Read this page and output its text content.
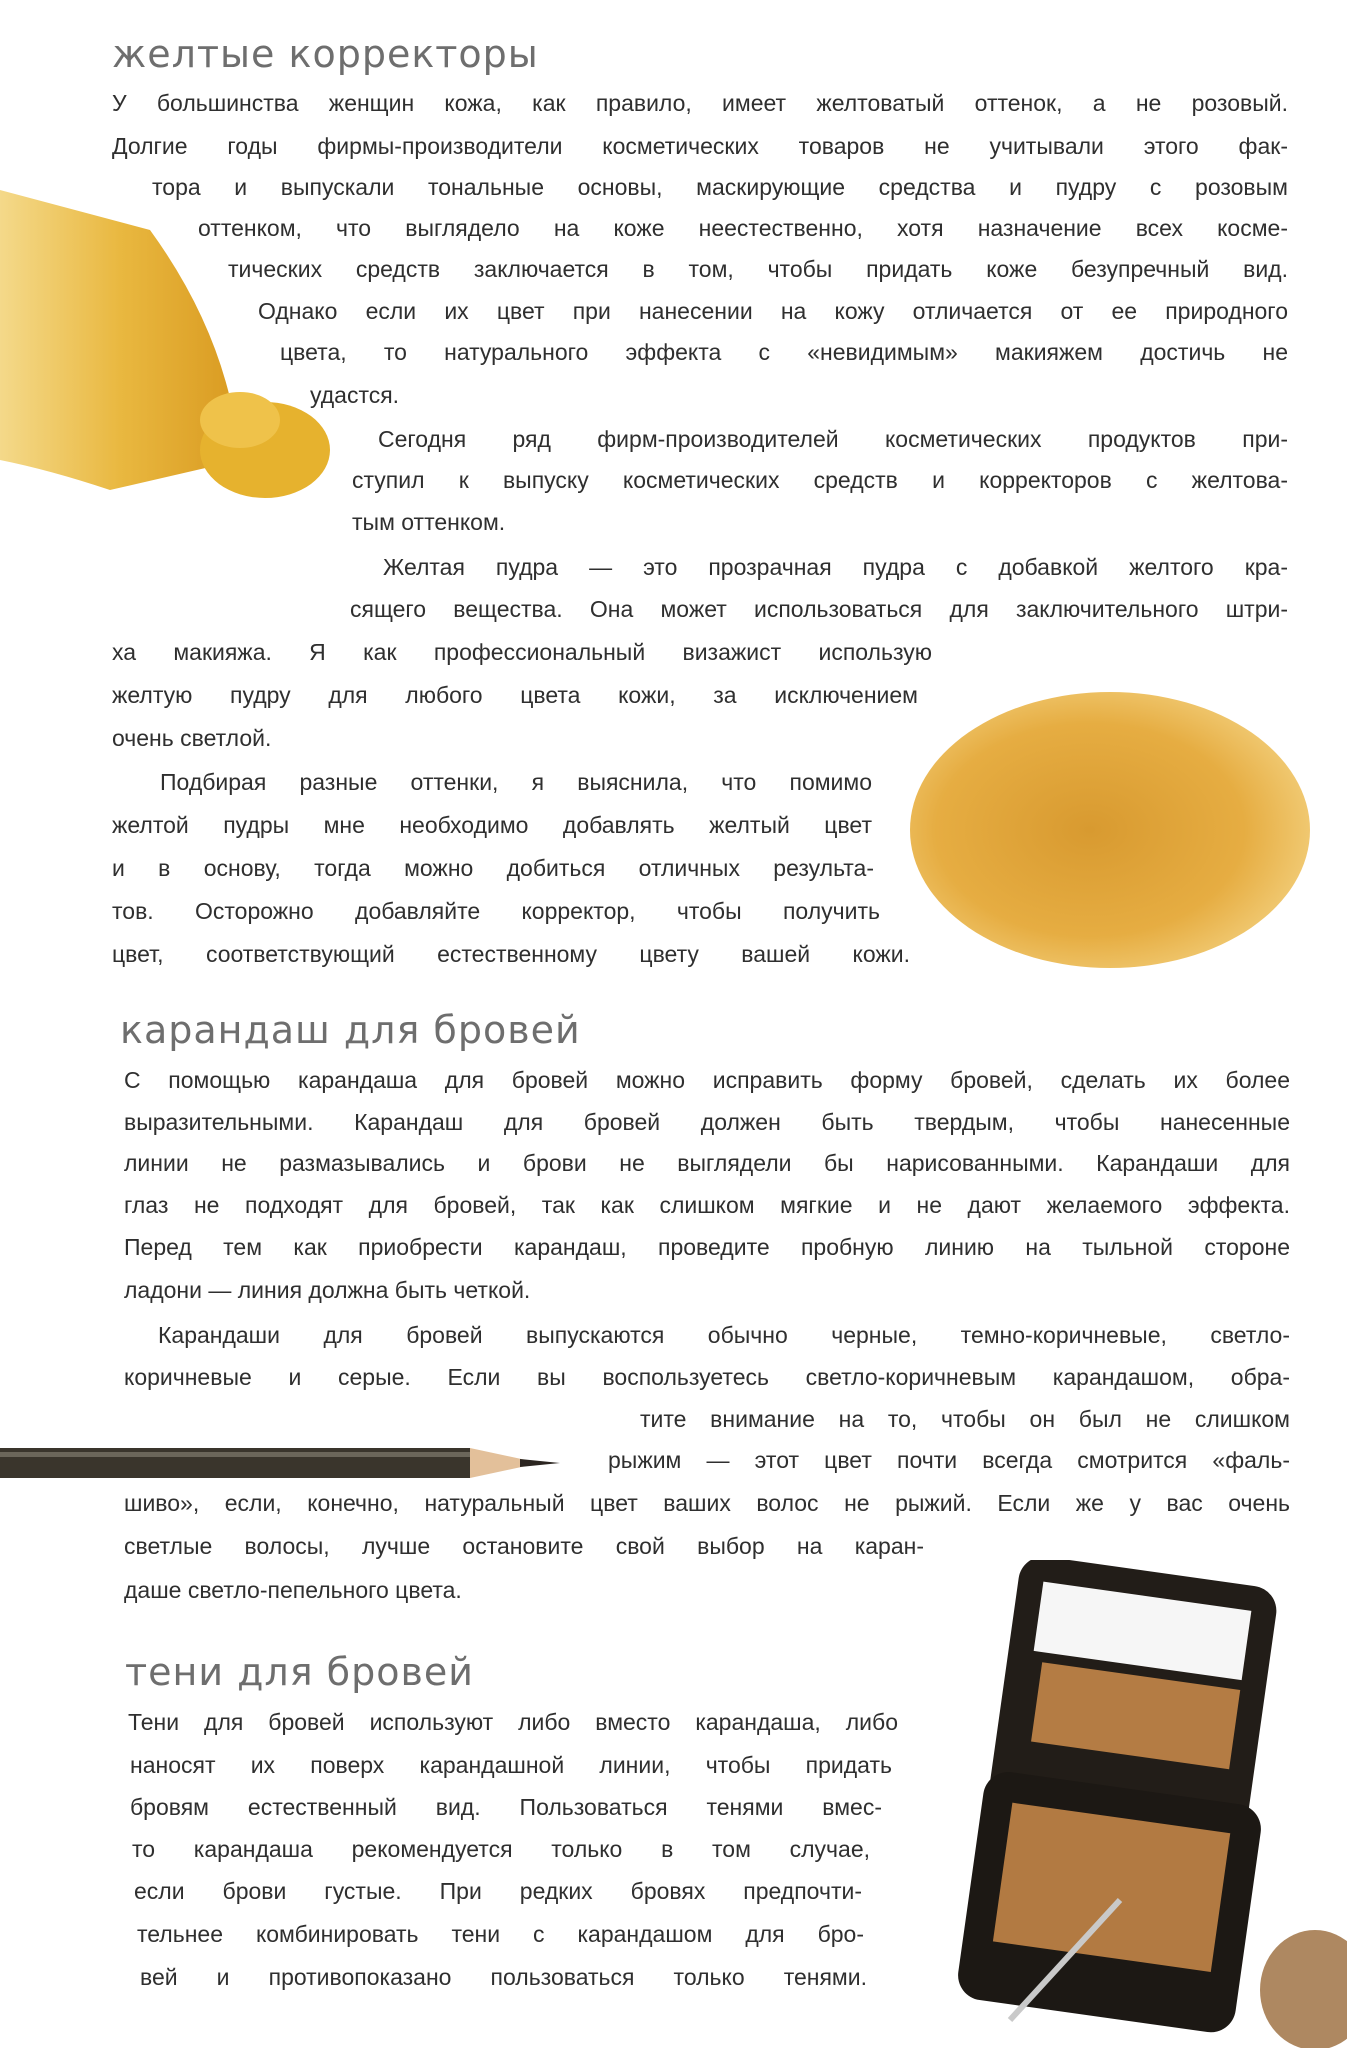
желтые корректоры
У большинства женщин кожа, как правило, имеет желтоватый оттенок, а не розовый.
Долгие годы фирмы-производители косметических товаров не учитывали этого фак-
тора и выпускали тональные основы, маскирующие средства и пудру с розовым
оттенком, что выглядело на коже неестественно, хотя назначение всех косме-
тических средств заключается в том, чтобы придать коже безупречный вид.
Однако если их цвет при нанесении на кожу отличается от ее природного
цвета, то натурального эффекта с «невидимым» макияжем достичь не
удастся.
Сегодня ряд фирм-производителей косметических продуктов при-
ступил к выпуску косметических средств и корректоров с желтова-
тым оттенком.
Желтая пудра — это прозрачная пудра с добавкой желтого кра-
сящего вещества. Она может использоваться для заключительного штри-
ха макияжа. Я как профессиональный визажист использую
желтую пудру для любого цвета кожи, за исключением
очень светлой.
Подбирая разные оттенки, я выяснила, что помимо
желтой пудры мне необходимо добавлять желтый цвет
и в основу, тогда можно добиться отличных результа-
тов. Осторожно добавляйте корректор, чтобы получить
цвет, соответствующий естественному цвету вашей кожи.
карандаш для бровей
С помощью карандаша для бровей можно исправить форму бровей, сделать их более
выразительными. Карандаш для бровей должен быть твердым, чтобы нанесенные
линии не размазывались и брови не выглядели бы нарисованными. Карандаши для
глаз не подходят для бровей, так как слишком мягкие и не дают желаемого эффекта.
Перед тем как приобрести карандаш, проведите пробную линию на тыльной стороне
ладони — линия должна быть четкой.
Карандаши для бровей выпускаются обычно черные, темно-коричневые, светло-
коричневые и серые. Если вы воспользуетесь светло-коричневым карандашом, обра-
тите внимание на то, чтобы он был не слишком
рыжим — этот цвет почти всегда смотрится «фаль-
шиво», если, конечно, натуральный цвет ваших волос не рыжий. Если же у вас очень
светлые волосы, лучше остановите свой выбор на каран-
даше светло-пепельного цвета.
тени для бровей
Тени для бровей используют либо вместо карандаша, либо
наносят их поверх карандашной линии, чтобы придать
бровям естественный вид. Пользоваться тенями вмес-
то карандаша рекомендуется только в том случае,
если брови густые. При редких бровях предпочти-
тельнее комбинировать тени с карандашом для бро-
вей и противопоказано пользоваться только тенями.
